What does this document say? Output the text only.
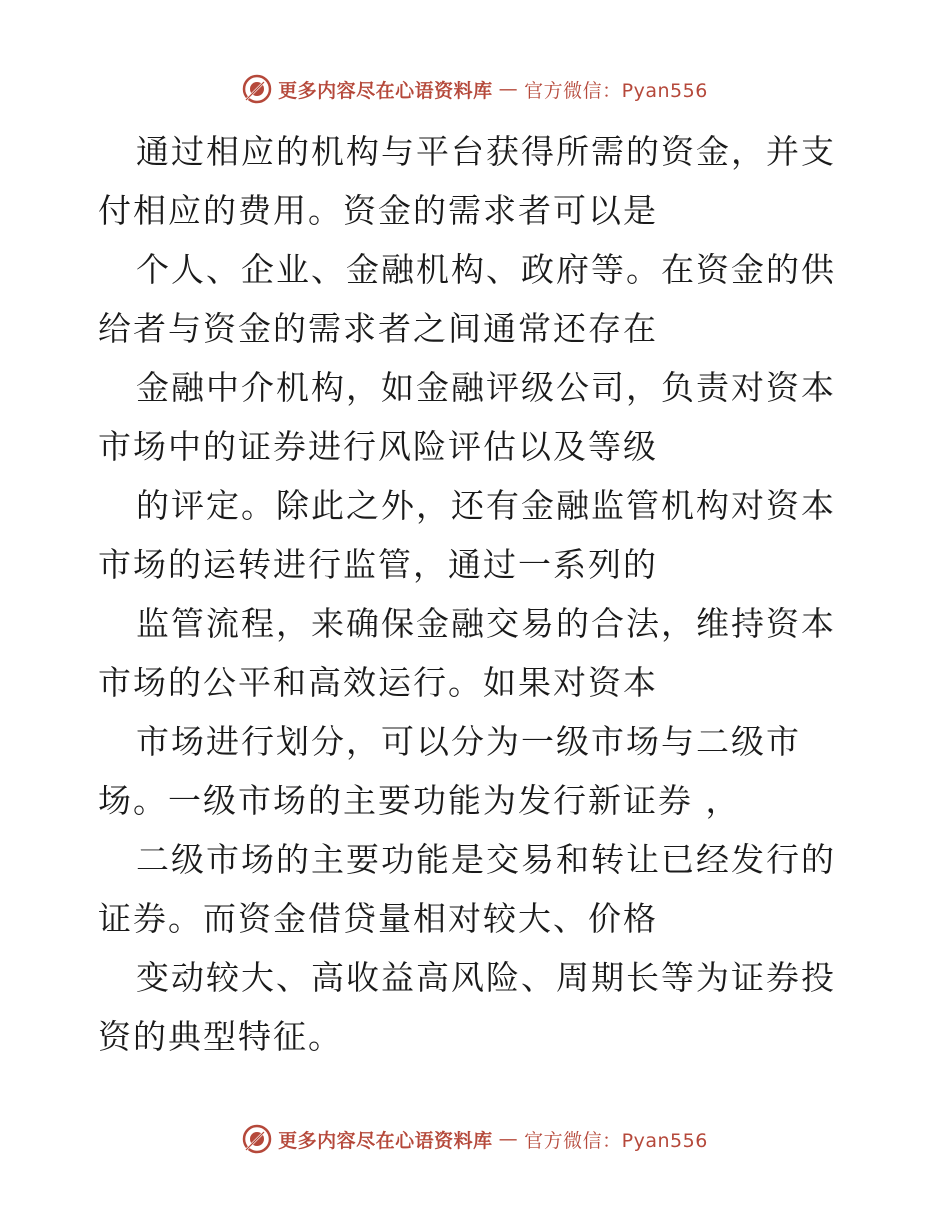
更多内容尽在心语资料库 — 官方微信：Pyan556

通过相应的机构与平台获得所需的资金，并支付相应的费用。资金的需求者可以是

个人、企业、金融机构、政府等。在资金的供给者与资金的需求者之间通常还存在

金融中介机构，如金融评级公司，负责对资本市场中的证券进行风险评估以及等级

的评定。除此之外，还有金融监管机构对资本市场的运转进行监管，通过一系列的

监管流程，来确保金融交易的合法，维持资本市场的公平和高效运行。如果对资本

市场进行划分，可以分为一级市场与二级市场。一级市场的主要功能为发行新证券 ，

二级市场的主要功能是交易和转让已经发行的证券。而资金借贷量相对较大、价格

变动较大、高收益高风险、周期长等为证券投资的典型特征。

更多内容尽在心语资料库 — 官方微信：Pyan556
